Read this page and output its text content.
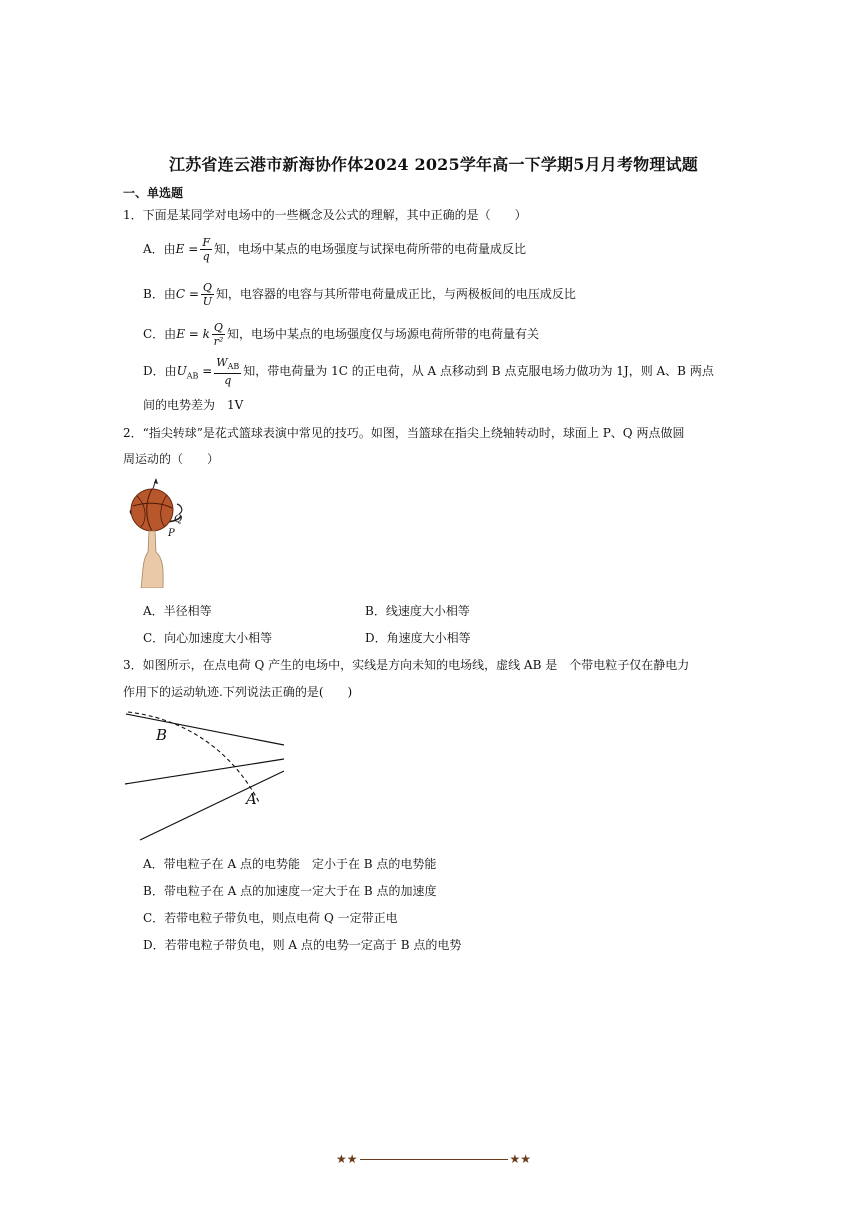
江苏省连云港市新海协作体2024 2025学年高一下学期5月月考物理试题
一、单选题
1．下面是某同学对电场中的一些概念及公式的理解，其中正确的是（　　）
A．由$E = \frac{F}{q}$ 知，电场中某点的电场强度与试探电荷所带的电荷量成反比
B．由$C = \frac{Q}{U}$ 知，电容器的电容与其所带电荷量成正比，与两极板间的电压成反比
C．由E = k $\frac{Q}{\text{r²}}$ 知，电场中某点的电场强度仅与场源电荷所带的电荷量有关
D．由$U_{AB} = \frac{W_{AB}}{q}$ 知，带电荷量为 1C 的正电荷，从 A 点移动到 B 点克服电场力做功为 1J，则 A、B 两点
间的电势差为　1V
2．“指尖转球”是花式篮球表演中常见的技巧。如图，当篮球在指尖上绕轴转动时，球面上 P、Q 两点做圆
周运动的（　　）
Q
P
A．半径相等	B．线速度大小相等
C．向心加速度大小相等	D．角速度大小相等
3．如图所示，在点电荷 Q 产生的电场中，实线是方向未知的电场线，虚线 AB 是　个带电粒子仅在静电力
作用下的运动轨迹.下列说法正确的是(　　)
B
A
A．带电粒子在 A 点的电势能　定小于在 B 点的电势能
B．带电粒子在 A 点的加速度一定大于在 B 点的加速度
C．若带电粒子带负电，则点电荷 Q 一定带正电
D．若带电粒子带负电，则 A 点的电势一定高于 B 点的电势
★★	★★
